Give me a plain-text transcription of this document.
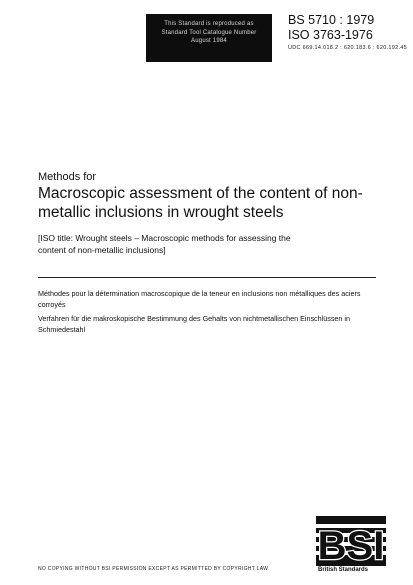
This Standard is reproduced as
Standard Tool Catalogue Number
August 1984
BS 5710 : 1979
ISO 3763-1976
UDC 669.14.018.2 : 620.183.6 : 620.192.45
Methods for
Macroscopic assessment of the content of non-metallic inclusions in wrought steels
[ISO title: Wrought steels – Macroscopic methods for assessing the content of non-metallic inclusions]
Méthodes pour la détermination macroscopique de la teneur en inclusions non métalliques des aciers corroyés
Verfahren für die makroskopische Bestimmung des Gehalts von nichtmetallischen Einschlüssen in Schmiedestahl
NO COPYING WITHOUT BSI PERMISSION EXCEPT AS PERMITTED BY COPYRIGHT LAW
BSI
British Standards
